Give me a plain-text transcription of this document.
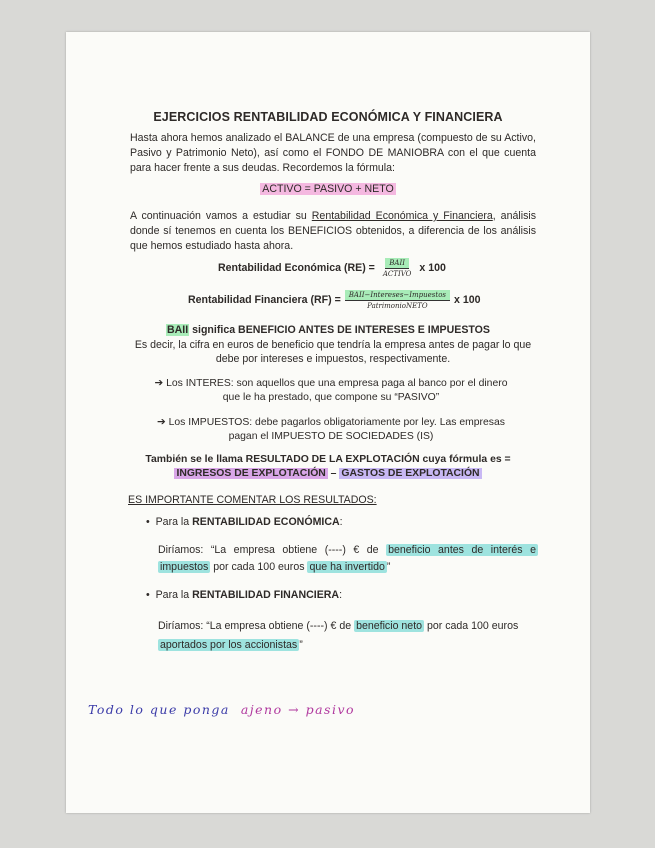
EJERCICIOS RENTABILIDAD ECONÓMICA Y FINANCIERA
Hasta ahora hemos analizado el BALANCE de una empresa (compuesto de su Activo, Pasivo y Patrimonio Neto), así como el FONDO DE MANIOBRA con el que cuenta para hacer frente a sus deudas. Recordemos la fórmula:
ACTIVO = PASIVO + NETO
A continuación vamos a estudiar su Rentabilidad Económica y Financiera, análisis donde sí tenemos en cuenta los BENEFICIOS obtenidos, a diferencia de los análisis que hemos estudiado hasta ahora.
Rentabilidad Económica $(RE) = \frac{\text{BAII}}{\text{ACTIVO}}$ x 100
Rentabilidad Financiera $(RF) = \frac{\text{BAII−Intereses−Impuestos}}{\text{PatrimonioNETO}}$ x 100
BAII significa BENEFICIO ANTES DE INTERESES E IMPUESTOS
Es decir, la cifra en euros de beneficio que tendría la empresa antes de pagar lo que debe por intereses e impuestos, respectivamente.
➔ Los INTERES: son aquellos que una empresa paga al banco por el dinero que le ha prestado, que compone su “PASIVO”
➔ Los IMPUESTOS: debe pagarlos obligatoriamente por ley. Las empresas pagan el IMPUESTO DE SOCIEDADES (IS)
También se le llama RESULTADO DE LA EXPLOTACIÓN cuya fórmula es =
INGRESOS DE EXPLOTACIÓN – GASTOS DE EXPLOTACIÓN
ES IMPORTANTE COMENTAR LOS RESULTADOS:
•  Para la RENTABILIDAD ECONÓMICA:
Diríamos: “La empresa obtiene (----) € de beneficio antes de interés e impuestos por cada 100 euros que ha invertido ”
•  Para la RENTABILIDAD FINANCIERA:
Diríamos: “La empresa obtiene (----) € de beneficio neto por cada 100 euros
aportados por los accionistas ”
Todo lo que ponga ajeno → pasivo
